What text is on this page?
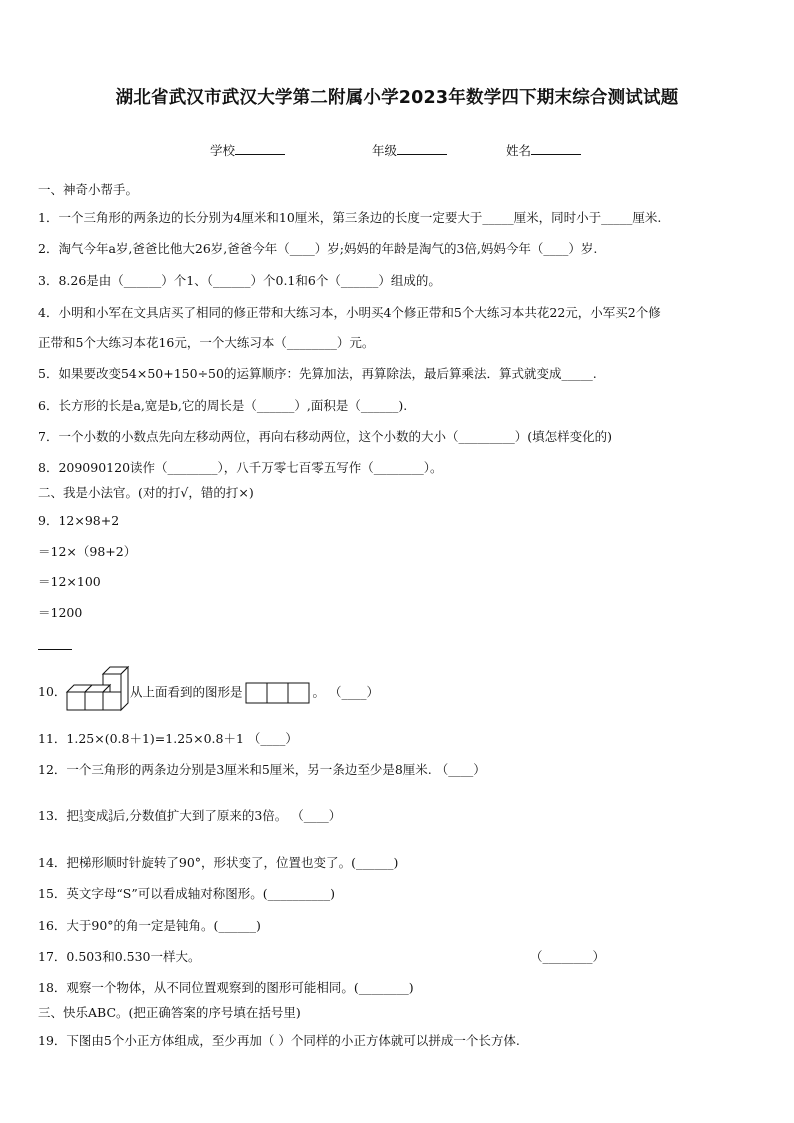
湖北省武汉市武汉大学第二附属小学2023年数学四下期末综合测试试题
学校	年级	姓名
一、神奇小帮手。
1．一个三角形的两条边的长分别为4厘米和10厘米，第三条边的长度一定要大于_____厘米，同时小于_____厘米.
2．淘气今年a岁,爸爸比他大26岁,爸爸今年（____）岁;妈妈的年龄是淘气的3倍,妈妈今年（____）岁.
3．8.26是由（______）个1、（______）个0.1和6个（______）组成的。
4．小明和小军在文具店买了相同的修正带和大练习本，小明买4个修正带和5个大练习本共花22元，小军买2个修
正带和5个大练习本花16元，一个大练习本（________）元。
5．如果要改变54×50+150÷50的运算顺序：先算加法，再算除法，最后算乘法．算式就变成_____.
6．长方形的长是a,宽是b,它的周长是（______）,面积是（______).
7．一个小数的小数点先向左移动两位，再向右移动两位，这个小数的大小（_________）(填怎样变化的)
8．209090120读作（________），八千万零七百零五写作（________）。
二、我是小法官。(对的打√，错的打×)
9．12×98+2
＝12×（98+2）
＝12×100
＝1200
10．	从上面看到的图形是	。 （____）
11．1.25×(0.8＋1)=1.25×0.8＋1 （____）
12．一个三角形的两条边分别是3厘米和5厘米，另一条边至少是8厘米. （____）
13．把1
3变成3
9后,分数值扩大到了原来的3倍。 （____）
14．把梯形顺时针旋转了90°，形状变了，位置也变了。(______)
15．英文字母“S”可以看成轴对称图形。(__________)
16．大于90°的角一定是钝角。(______)
17．0.503和0.530一样大。	（________）
18．观察一个物体，从不同位置观察到的图形可能相同。(________)
三、快乐ABC。(把正确答案的序号填在括号里)
19．下图由5个小正方体组成，至少再加（ ）个同样的小正方体就可以拼成一个长方体.
